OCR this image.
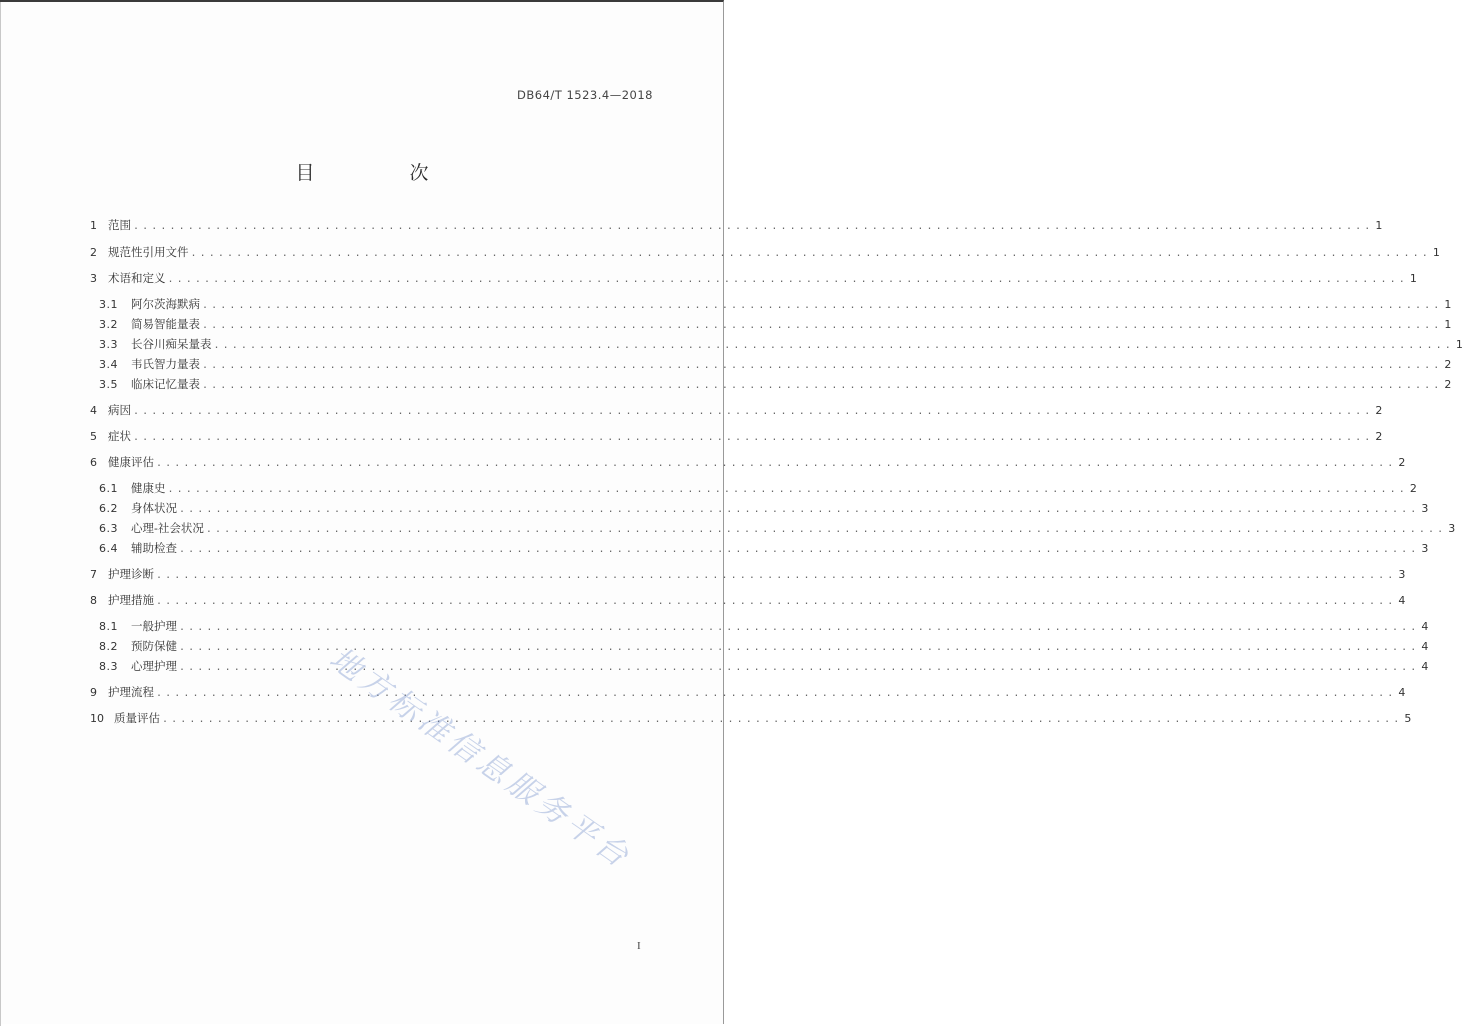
DB64/T 1523.4—2018
目　次
1 范围 ........................................................................................................................................ 1
2 规范性引用文件 ........................................................................................................................................ 1
3 术语和定义 ........................................................................................................................................ 1
3.1	阿尔茨海默病 ........................................................................................................................................ 1
3.2	简易智能量表 ........................................................................................................................................ 1
3.3	长谷川痴呆量表 ........................................................................................................................................ 1
3.4	韦氏智力量表 ........................................................................................................................................ 2
3.5	临床记忆量表 ........................................................................................................................................ 2
4 病因 ........................................................................................................................................ 2
5 症状 ........................................................................................................................................ 2
6 健康评估 ........................................................................................................................................ 2
6.1	健康史 ........................................................................................................................................ 2
6.2	身体状况 ........................................................................................................................................ 3
6.3	心理-社会状况 ........................................................................................................................................ 3
6.4	辅助检查 ........................................................................................................................................ 3
7 护理诊断 ........................................................................................................................................ 3
8 护理措施 ........................................................................................................................................ 4
8.1	一般护理 ........................................................................................................................................ 4
8.2	预防保健 ........................................................................................................................................ 4
8.3	心理护理 ........................................................................................................................................ 4
9 护理流程 ........................................................................................................................................ 4
10 质量评估 ........................................................................................................................................ 5
地方标准信息服务平台
I
